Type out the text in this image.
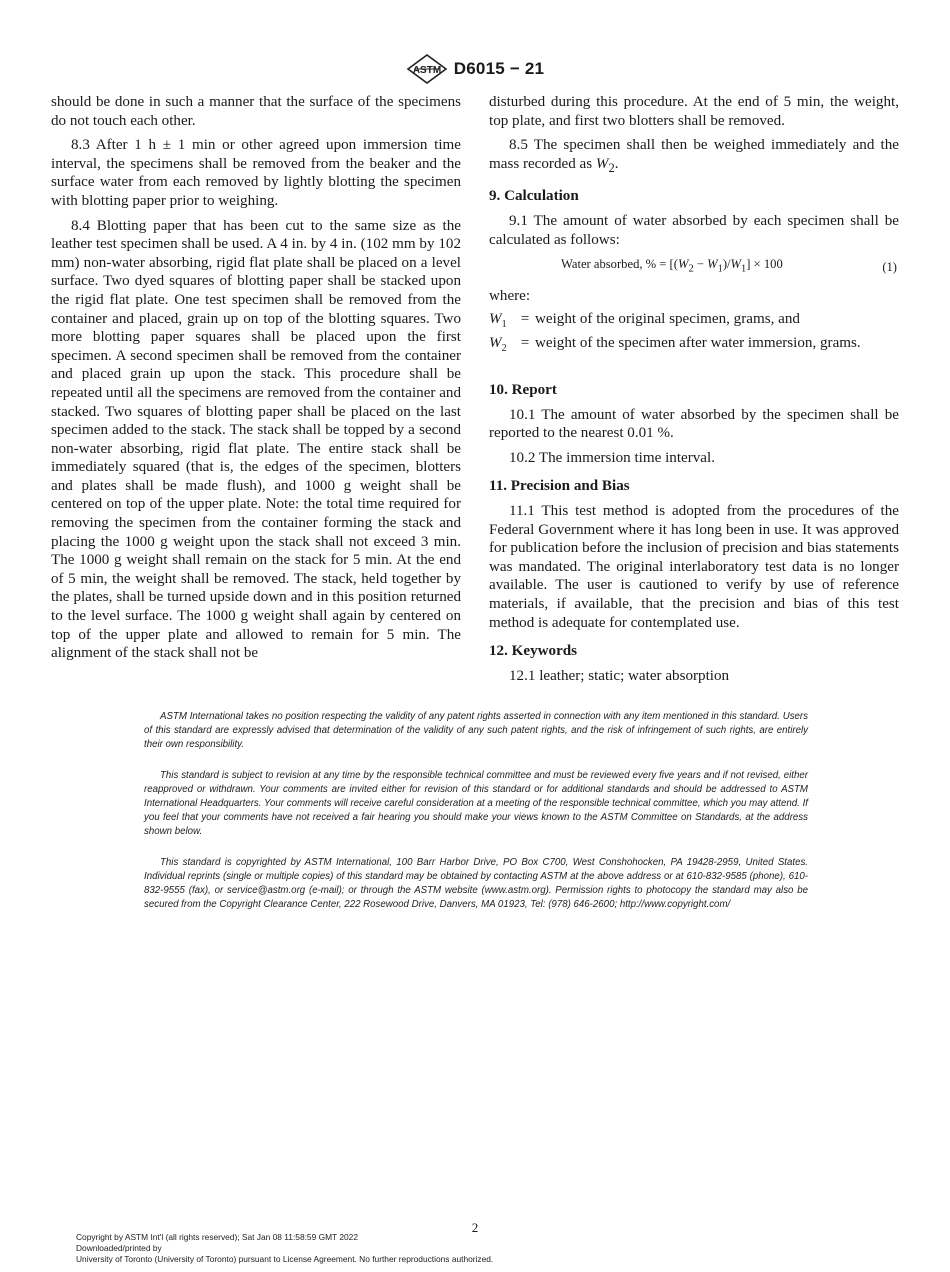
ASTM D6015 − 21

should be done in such a manner that the surface of the specimens do not touch each other.

8.3 After 1 h ± 1 min or other agreed upon immersion time interval, the specimens shall be removed from the beaker and the surface water from each removed by lightly blotting the specimen with blotting paper prior to weighing.

8.4 Blotting paper that has been cut to the same size as the leather test specimen shall be used. A 4 in. by 4 in. (102 mm by 102 mm) non-water absorbing, rigid flat plate shall be placed on a level surface. Two dyed squares of blotting paper shall be stacked upon the rigid flat plate. One test specimen shall be removed from the container and placed, grain up on top of the blotting squares. Two more blotting paper squares shall be placed upon the first specimen. A second specimen shall be removed from the container and placed grain up upon the stack. This procedure shall be repeated until all the specimens are removed from the container and stacked. Two squares of blotting paper shall be placed on the last specimen added to the stack. The stack shall be topped by a second non-water absorbing, rigid flat plate. The entire stack shall be immediately squared (that is, the edges of the specimen, blotters and plates shall be made flush), and 1000 g weight shall be centered on top of the upper plate. Note: the total time required for removing the specimen from the container forming the stack and placing the 1000 g weight upon the stack shall not exceed 3 min. The 1000 g weight shall remain on the stack for 5 min. At the end of 5 min, the weight shall be removed. The stack, held together by the plates, shall be turned upside down and in this position returned to the level surface. The 1000 g weight shall again by centered on top of the upper plate and allowed to remain for 5 min. The alignment of the stack shall not be

disturbed during this procedure. At the end of 5 min, the weight, top plate, and first two blotters shall be removed.

8.5 The specimen shall then be weighed immediately and the mass recorded as $W_2$.

9. Calculation

9.1 The amount of water absorbed by each specimen shall be calculated as follows:

Water absorbed, % = $[(W_2 - W_1)/W_1] \times 100$	(1)
where:
$W_1$ = weight of the original specimen, grams, and
$W_2$ = weight of the specimen after water immersion, grams.
10. Report

10.1 The amount of water absorbed by the specimen shall be reported to the nearest 0.01 %.

10.2 The immersion time interval.

11. Precision and Bias

11.1 This test method is adopted from the procedures of the Federal Government where it has long been in use. It was approved for publication before the inclusion of precision and bias statements was mandated. The original interlaboratory test data is no longer available. The user is cautioned to verify by use of reference materials, if available, that the precision and bias of this test method is adequate for contemplated use.

12. Keywords

12.1 leather; static; water absorption

ASTM International takes no position respecting the validity of any patent rights asserted in connection with any item mentioned in this standard. Users of this standard are expressly advised that determination of the validity of any such patent rights, and the risk of infringement of such rights, are entirely their own responsibility.

This standard is subject to revision at any time by the responsible technical committee and must be reviewed every five years and if not revised, either reapproved or withdrawn. Your comments are invited either for revision of this standard or for additional standards and should be addressed to ASTM International Headquarters. Your comments will receive careful consideration at a meeting of the responsible technical committee, which you may attend. If you feel that your comments have not received a fair hearing you should make your views known to the ASTM Committee on Standards, at the address shown below.

This standard is copyrighted by ASTM International, 100 Barr Harbor Drive, PO Box C700, West Conshohocken, PA 19428-2959, United States. Individual reprints (single or multiple copies) of this standard may be obtained by contacting ASTM at the above address or at 610-832-9585 (phone), 610-832-9555 (fax), or service@astm.org (e-mail); or through the ASTM website (www.astm.org). Permission rights to photocopy the standard may also be secured from the Copyright Clearance Center, 222 Rosewood Drive, Danvers, MA 01923, Tel: (978) 646-2600; http://www.copyright.com/

2
Copyright by ASTM Int'l (all rights reserved); Sat Jan 08 11:58:59 GMT 2022
Downloaded/printed by
University of Toronto (University of Toronto) pursuant to License Agreement. No further reproductions authorized.
